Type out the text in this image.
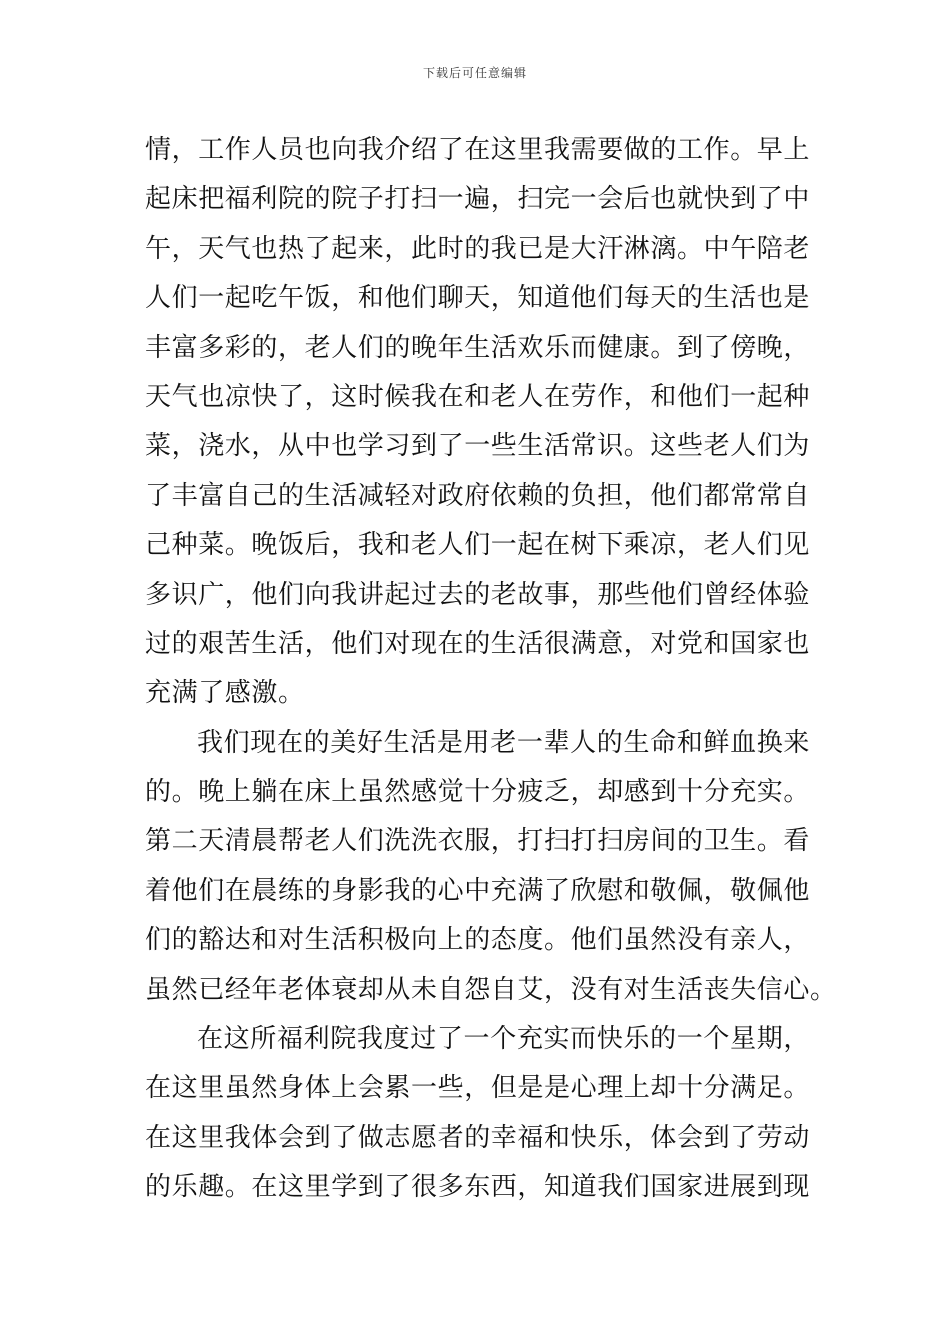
下载后可任意编辑
情，工作人员也向我介绍了在这里我需要做的工作。早上
起床把福利院的院子打扫一遍，扫完一会后也就快到了中
午，天气也热了起来，此时的我已是大汗淋漓。中午陪老
人们一起吃午饭，和他们聊天，知道他们每天的生活也是
丰富多彩的，老人们的晚年生活欢乐而健康。到了傍晚，
天气也凉快了，这时候我在和老人在劳作，和他们一起种
菜，浇水，从中也学习到了一些生活常识。这些老人们为
了丰富自己的生活减轻对政府依赖的负担，他们都常常自
己种菜。晚饭后，我和老人们一起在树下乘凉，老人们见
多识广，他们向我讲起过去的老故事，那些他们曾经体验
过的艰苦生活，他们对现在的生活很满意，对党和国家也
充满了感激。
我们现在的美好生活是用老一辈人的生命和鲜血换来
的。晚上躺在床上虽然感觉十分疲乏，却感到十分充实。
第二天清晨帮老人们洗洗衣服，打扫打扫房间的卫生。看
着他们在晨练的身影我的心中充满了欣慰和敬佩，敬佩他
们的豁达和对生活积极向上的态度。他们虽然没有亲人，
虽然已经年老体衰却从未自怨自艾，没有对生活丧失信心。
在这所福利院我度过了一个充实而快乐的一个星期，
在这里虽然身体上会累一些，但是是心理上却十分满足。
在这里我体会到了做志愿者的幸福和快乐，体会到了劳动
的乐趣。在这里学到了很多东西，知道我们国家进展到现
